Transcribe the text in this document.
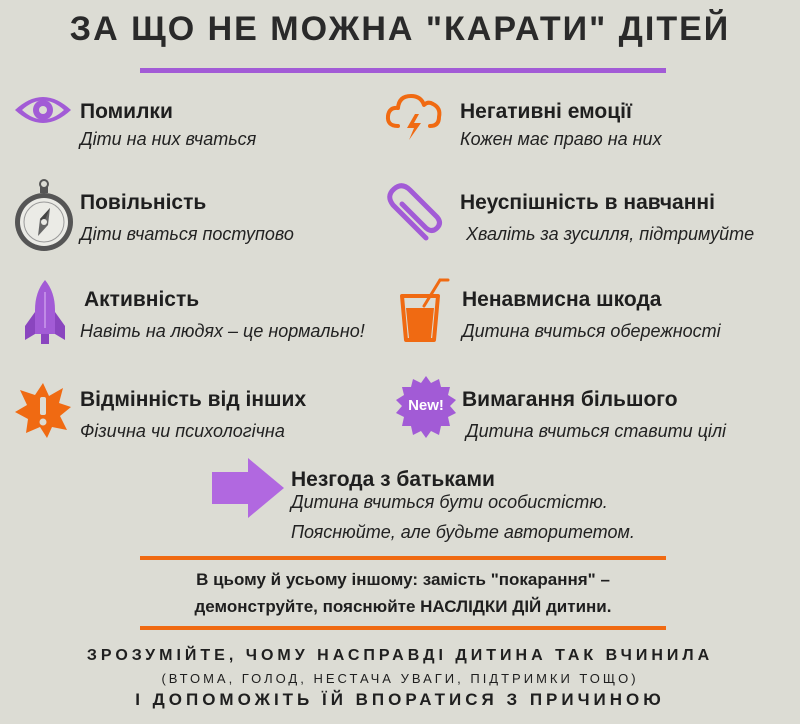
ЗА ЩО НЕ МОЖНА "КАРАТИ" ДІТЕЙ
Помилки
Діти на них вчаться
Негативні емоції
Кожен має право на них
Повільність
Діти вчаться поступово
Неуспішність в навчанні
Хваліть за зусилля, підтримуйте
Активність
Навіть на людях – це нормально!
Ненавмисна шкода
Дитина вчиться обережності
Відмінність від інших
Фізична чи психологічна
New! Вимагання більшого
Дитина вчиться ставити цілі
Незгода з батьками
Дитина вчиться бути особистістю.
Пояснюйте, але будьте авторитетом.
В цьому й усьому іншому: замість "покарання" –
демонструйте, пояснюйте НАСЛІДКИ ДІЙ дитини.
ЗРОЗУМІЙТЕ, ЧОМУ НАСПРАВДІ ДИТИНА ТАК ВЧИНИЛА
(ВТОМА, ГОЛОД, НЕСТАЧА УВАГИ, ПІДТРИМКИ ТОЩО)
І ДОПОМОЖІТЬ ЇЙ ВПОРАТИСЯ З ПРИЧИНОЮ
